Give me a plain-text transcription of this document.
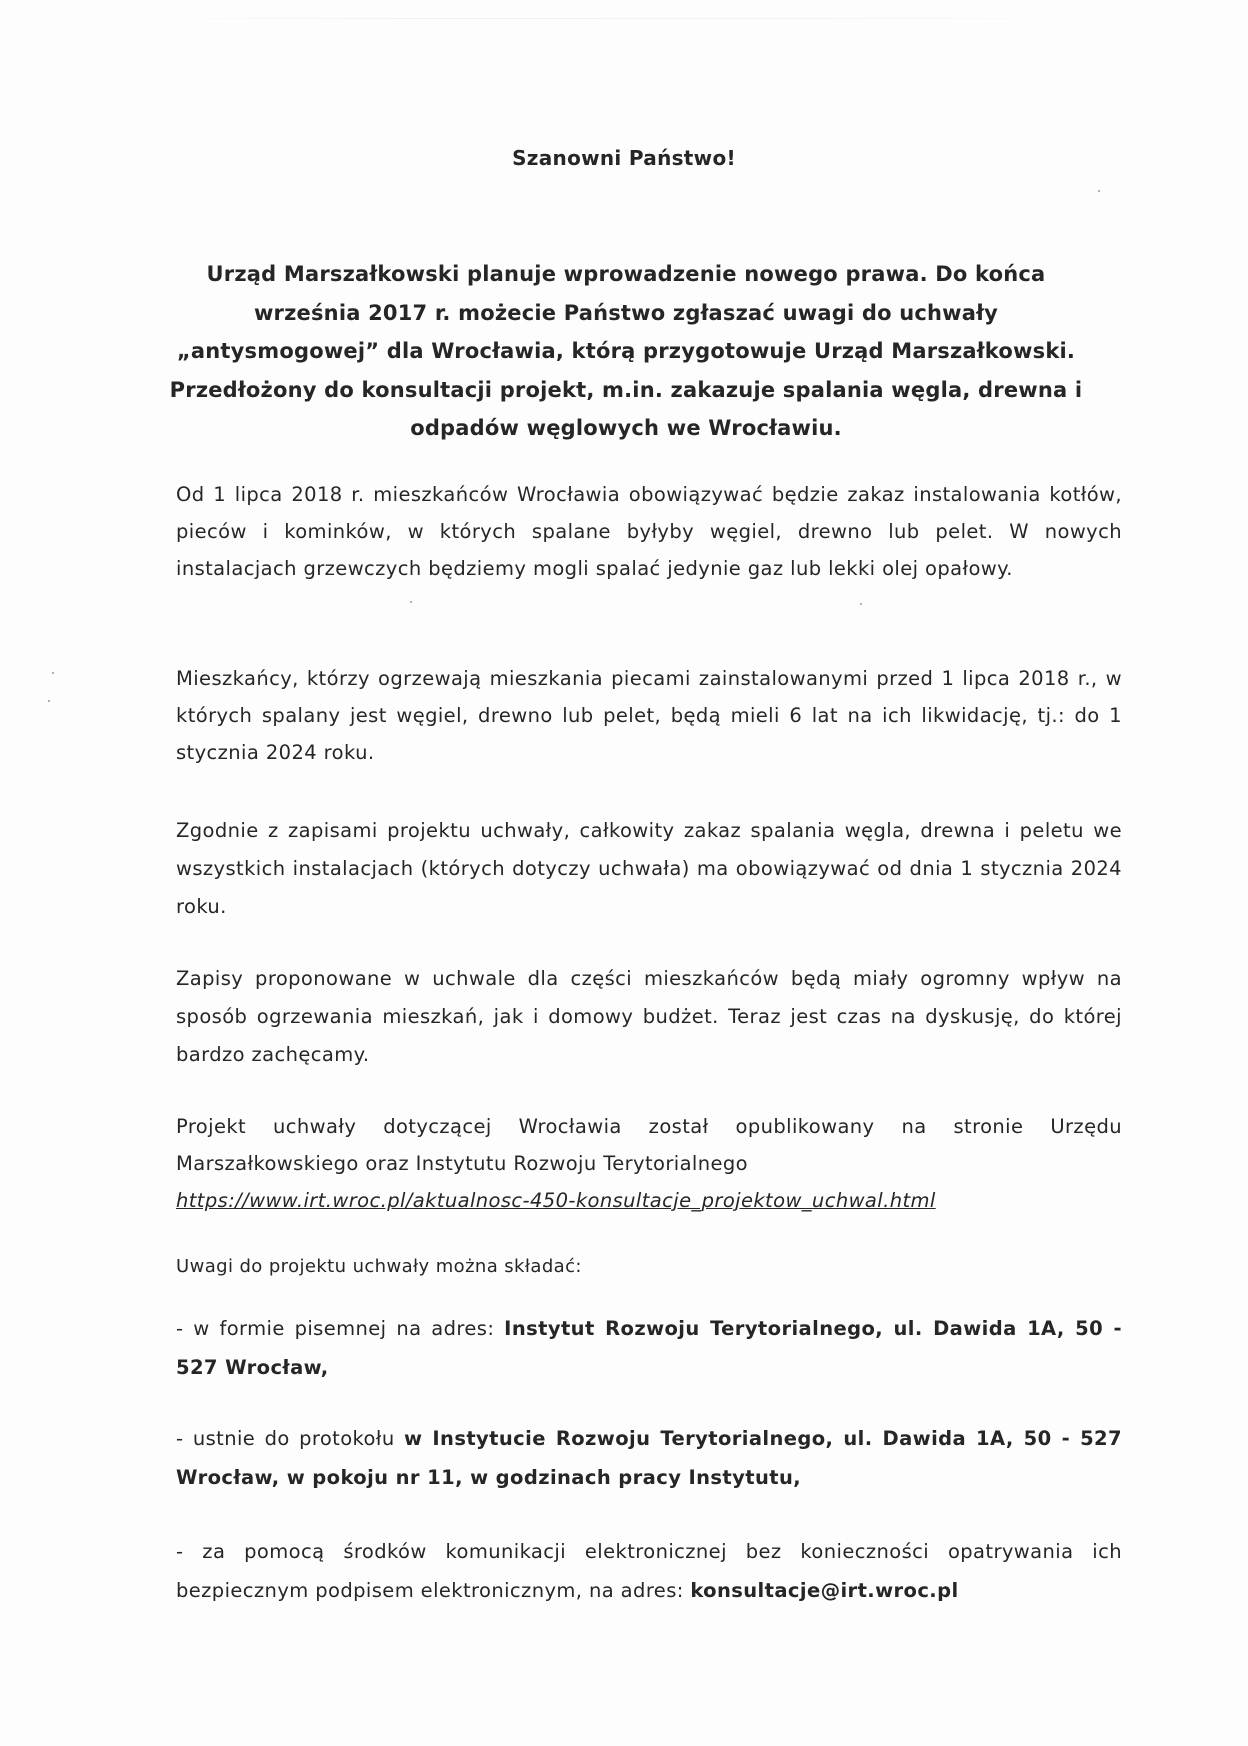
Szanowni Państwo!
Urząd Marszałkowski planuje wprowadzenie nowego prawa. Do końca września 2017 r. możecie Państwo zgłaszać uwagi do uchwały „antysmogowej” dla Wrocławia, którą przygotowuje Urząd Marszałkowski. Przedłożony do konsultacji projekt, m.in. zakazuje spalania węgla, drewna i odpadów węglowych we Wrocławiu.
Od 1 lipca 2018 r. mieszkańców Wrocławia obowiązywać będzie zakaz instalowania kotłów, pieców i kominków, w których spalane byłyby węgiel, drewno lub pelet. W nowych instalacjach grzewczych będziemy mogli spalać jedynie gaz lub lekki olej opałowy.
Mieszkańcy, którzy ogrzewają mieszkania piecami zainstalowanymi przed 1 lipca 2018 r., w których spalany jest węgiel, drewno lub pelet, będą mieli 6 lat na ich likwidację, tj.: do 1 stycznia 2024 roku.
Zgodnie z zapisami projektu uchwały, całkowity zakaz spalania węgla, drewna i peletu we wszystkich instalacjach (których dotyczy uchwała) ma obowiązywać od dnia 1 stycznia 2024 roku.
Zapisy proponowane w uchwale dla części mieszkańców będą miały ogromny wpływ na sposób ogrzewania mieszkań, jak i domowy budżet. Teraz jest czas na dyskusję, do której bardzo zachęcamy.
Projekt uchwały dotyczącej Wrocławia został opublikowany na stronie Urzędu Marszałkowskiego oraz Instytutu Rozwoju Terytorialnego
https://www.irt.wroc.pl/aktualnosc-450-konsultacje_projektow_uchwal.html
Uwagi do projektu uchwały można składać:
- w formie pisemnej na adres: Instytut Rozwoju Terytorialnego, ul. Dawida 1A, 50 - 527 Wrocław,
- ustnie do protokołu w Instytucie Rozwoju Terytorialnego, ul. Dawida 1A, 50 - 527 Wrocław, w pokoju nr 11, w godzinach pracy Instytutu,
- za pomocą środków komunikacji elektronicznej bez konieczności opatrywania ich bezpiecznym podpisem elektronicznym, na adres: konsultacje@irt.wroc.pl
